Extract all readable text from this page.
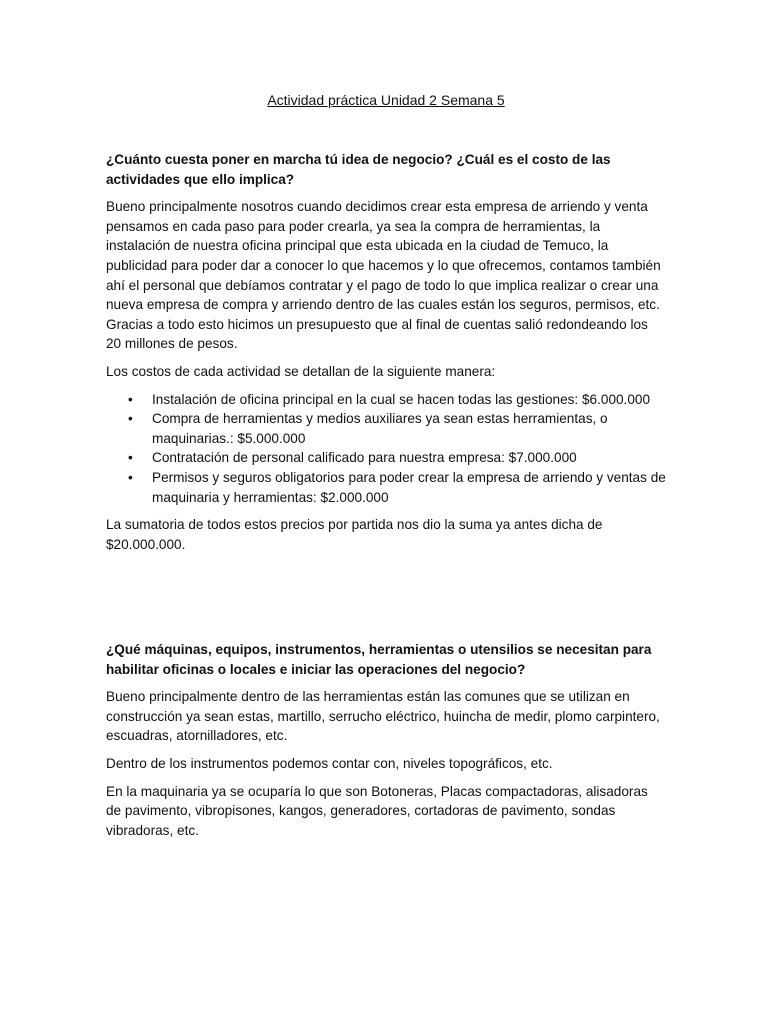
Actividad práctica Unidad 2 Semana 5

¿Cuánto cuesta poner en marcha tú idea de negocio? ¿Cuál es el costo de las actividades que ello implica?

Bueno principalmente nosotros cuando decidimos crear esta empresa de arriendo y venta pensamos en cada paso para poder crearla, ya sea la compra de herramientas, la instalación de nuestra oficina principal que esta ubicada en la ciudad de Temuco, la publicidad para poder dar a conocer lo que hacemos y lo que ofrecemos, contamos también ahí el personal que debíamos contratar y el pago de todo lo que implica realizar o crear una nueva empresa de compra y arriendo dentro de las cuales están los seguros, permisos, etc. Gracias a todo esto hicimos un presupuesto que al final de cuentas salió redondeando los 20 millones de pesos.

Los costos de cada actividad se detallan de la siguiente manera:

•	Instalación de oficina principal en la cual se hacen todas las gestiones: $6.000.000
•	Compra de herramientas y medios auxiliares ya sean estas herramientas, o maquinarias.: $5.000.000
•	Contratación de personal calificado para nuestra empresa: $7.000.000
•	Permisos y seguros obligatorios para poder crear la empresa de arriendo y ventas de maquinaria y herramientas: $2.000.000

La sumatoria de todos estos precios por partida nos dio la suma ya antes dicha de $20.000.000.

¿Qué máquinas, equipos, instrumentos, herramientas o utensilios se necesitan para habilitar oficinas o locales e iniciar las operaciones del negocio?

Bueno principalmente dentro de las herramientas están las comunes que se utilizan en construcción ya sean estas, martillo, serrucho eléctrico, huincha de medir, plomo carpintero, escuadras, atornilladores, etc.

Dentro de los instrumentos podemos contar con, niveles topográficos, etc.

En la maquinaria ya se ocuparía lo que son Botoneras, Placas compactadoras, alisadoras de pavimento, vibropisones, kangos, generadores, cortadoras de pavimento, sondas vibradoras, etc.
